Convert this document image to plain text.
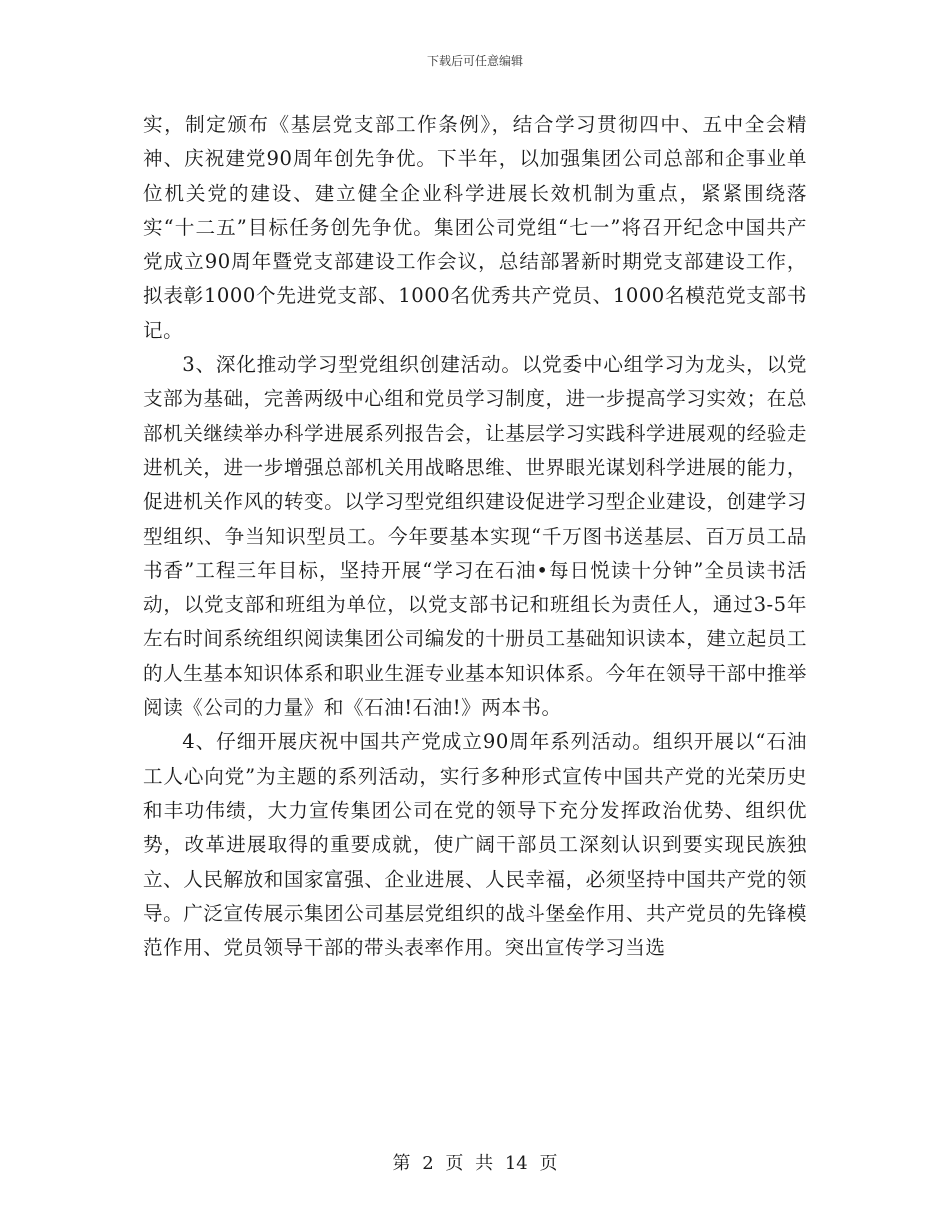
下载后可任意编辑

实，制定颁布《基层党支部工作条例》，结合学习贯彻四中、五中全会精神、庆祝建党90周年创先争优。下半年，以加强集团公司总部和企事业单位机关党的建设、建立健全企业科学进展长效机制为重点，紧紧围绕落实“十二五”目标任务创先争优。集团公司党组“七一”将召开纪念中国共产党成立90周年暨党支部建设工作会议，总结部署新时期党支部建设工作，拟表彰1000个先进党支部、1000名优秀共产党员、1000名模范党支部书记。

3、深化推动学习型党组织创建活动。以党委中心组学习为龙头，以党支部为基础，完善两级中心组和党员学习制度，进一步提高学习实效；在总部机关继续举办科学进展系列报告会，让基层学习实践科学进展观的经验走进机关，进一步增强总部机关用战略思维、世界眼光谋划科学进展的能力，促进机关作风的转变。以学习型党组织建设促进学习型企业建设，创建学习型组织、争当知识型员工。今年要基本实现“千万图书送基层、百万员工品书香”工程三年目标，坚持开展“学习在石油•每日悦读十分钟”全员读书活动，以党支部和班组为单位，以党支部书记和班组长为责任人，通过3-5年左右时间系统组织阅读集团公司编发的十册员工基础知识读本，建立起员工的人生基本知识体系和职业生涯专业基本知识体系。今年在领导干部中推举阅读《公司的力量》和《石油!石油!》两本书。

4、仔细开展庆祝中国共产党成立90周年系列活动。组织开展以“石油工人心向党”为主题的系列活动，实行多种形式宣传中国共产党的光荣历史和丰功伟绩，大力宣传集团公司在党的领导下充分发挥政治优势、组织优势，改革进展取得的重要成就，使广阔干部员工深刻认识到要实现民族独立、人民解放和国家富强、企业进展、人民幸福，必须坚持中国共产党的领导。广泛宣传展示集团公司基层党组织的战斗堡垒作用、共产党员的先锋模范作用、党员领导干部的带头表率作用。突出宣传学习当选

第 2 页 共 14 页
